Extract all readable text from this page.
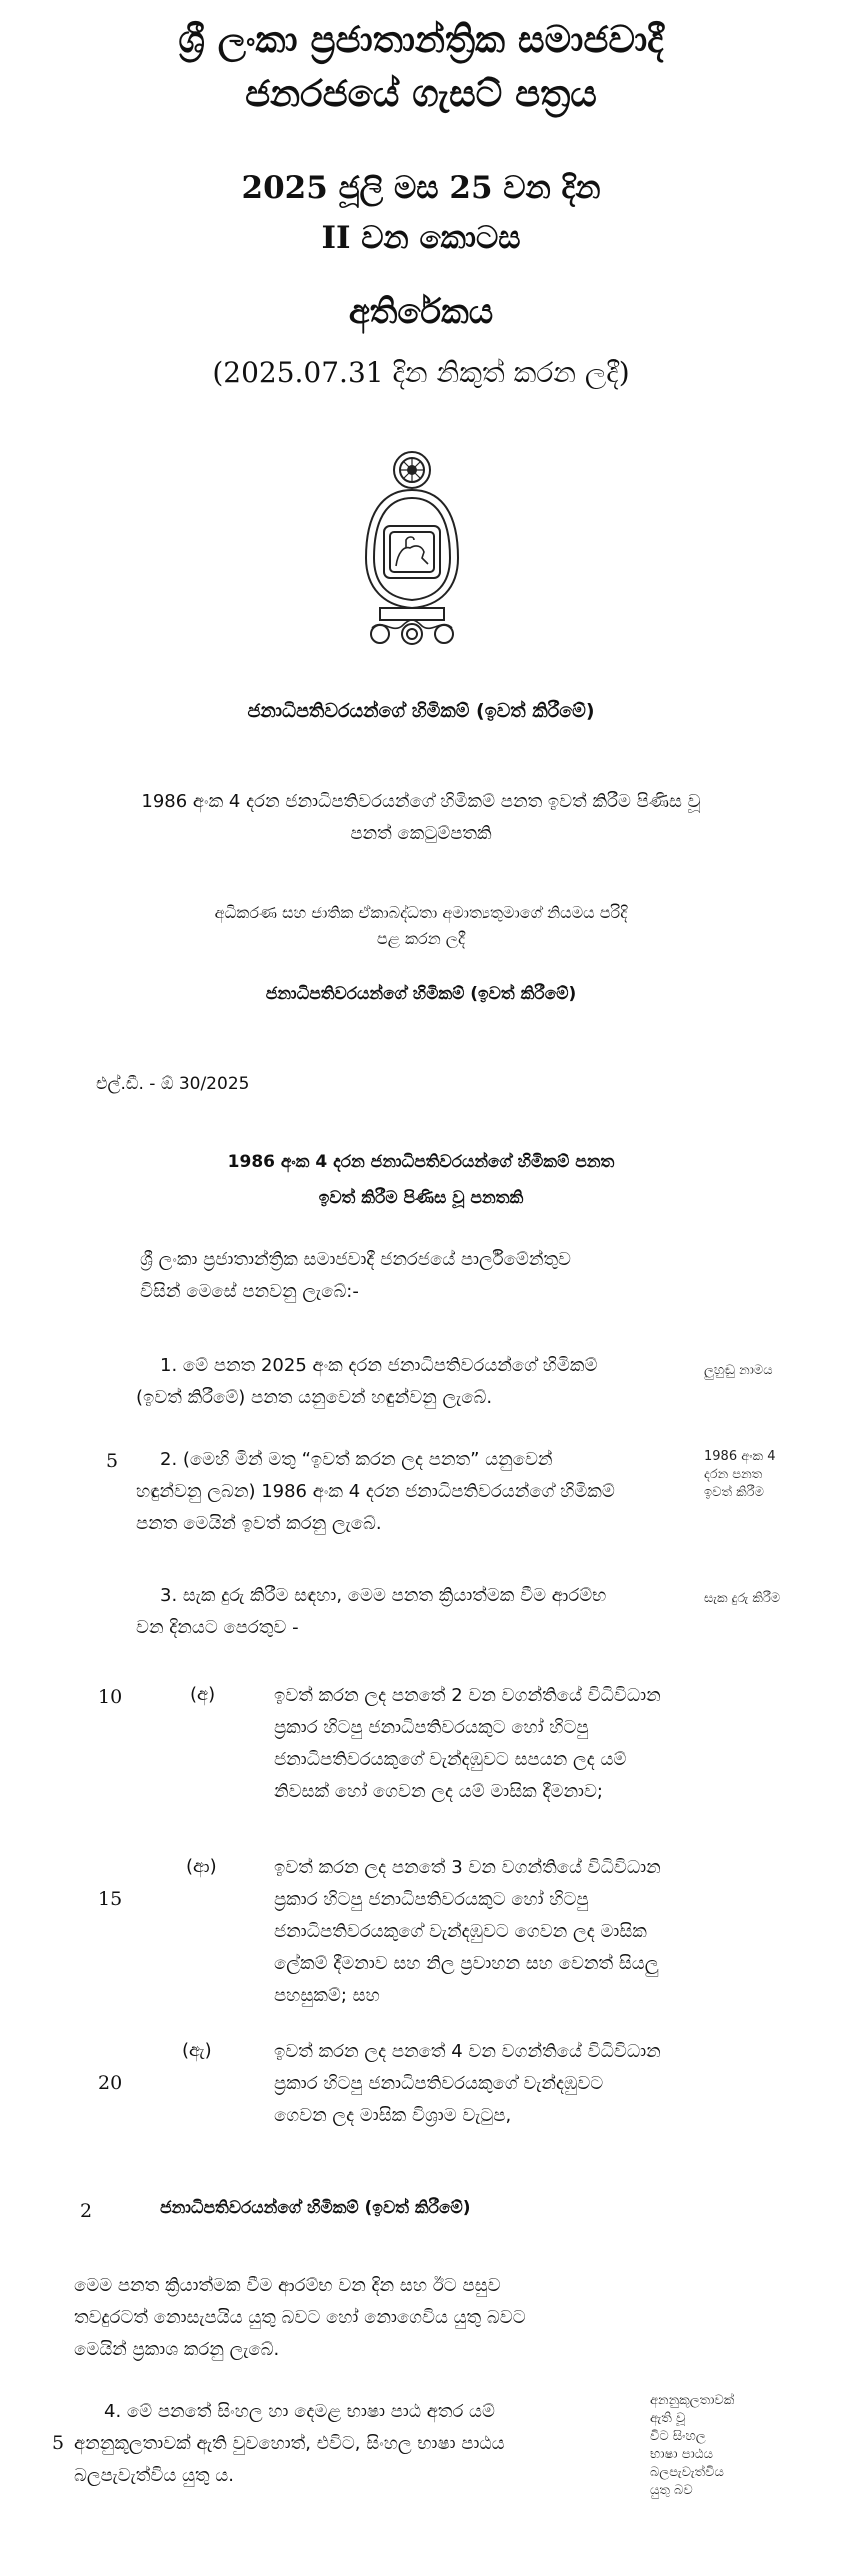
ශ්‍රී ලංකා ප්‍රජාතාන්ත්‍රික සමාජවාදී
ජනරජයේ ගැසට් පත්‍රය
2025 ජූලි මස 25 වන දින
II වන කොටස
අතිරේකය
(2025.07.31 දින නිකුත් කරන ලදී)
ජනාධිපතිවරයන්ගේ හිමිකම් (ඉවත් කිරීමේ)
1986 අංක 4 දරන ජනාධිපතිවරයන්ගේ හිමිකම් පනත ඉවත් කිරීම පිණිස වූ
පනත් කෙටුම්පතකි
අධිකරණ සහ ජාතික ඒකාබද්ධතා අමාත්‍යතුමාගේ නියමය පරිදි
පළ කරන ලදී
ජනාධිපතිවරයන්ගේ හිමිකම් (ඉවත් කිරීමේ)
එල්.ඩී. - ඕ 30/2025
1986 අංක 4 දරන ජනාධිපතිවරයන්ගේ හිමිකම් පනත
ඉවත් කිරීම පිණිස වූ පනතකි
ශ්‍රී ලංකා ප්‍රජාතාන්ත්‍රික සමාජවාදී ජනරජයේ පාර්ලිමේන්තුව
විසින් මෙසේ පනවනු ලැබේ:-
1. මේ පනත 2025 අංක දරන ජනාධිපතිවරයන්ගේ හිමිකම්
(ඉවත් කිරීමේ) පනත යනුවෙන් හඳුන්වනු ලැබේ.
ලුහුඬු නාමය
5	2. (මෙහි මින් මතු “ඉවත් කරන ලද පනත” යනුවෙන්
හඳුන්වනු ලබන) 1986 අංක 4 දරන ජනාධිපතිවරයන්ගේ හිමිකම්
පනත මෙයින් ඉවත් කරනු ලැබේ.
1986 අංක 4
දරන පනත
ඉවත් කිරීම
3. සැක දුරු කිරීම සඳහා, මෙම පනත ක්‍රියාත්මක වීම ආරම්භ
වන දිනයට පෙරතුව -
සැක දුරු කිරීම
10	(අ)	ඉවත් කරන ලද පනතේ 2 වන වගන්තියේ විධිවිධාන
ප්‍රකාර හිටපු ජනාධිපතිවරයකුට හෝ හිටපු
ජනාධිපතිවරයකුගේ වැන්දඹුවට සපයන ලද යම්
නිවසක් හෝ ගෙවන ලද යම් මාසික දීමනාව;
15
(ආ)	ඉවත් කරන ලද පනතේ 3 වන වගන්තියේ විධිවිධාන
ප්‍රකාර හිටපු ජනාධිපතිවරයකුට හෝ හිටපු
ජනාධිපතිවරයකුගේ වැන්දඹුවට ගෙවන ලද මාසික
ලේකම් දීමනාව සහ නිල ප්‍රවාහන සහ වෙනත් සියලු
පහසුකම්; සහ
20
(ඇ)	ඉවත් කරන ලද පනතේ 4 වන වගන්තියේ විධිවිධාන
ප්‍රකාර හිටපු ජනාධිපතිවරයකුගේ වැන්දඹුවට
ගෙවන ලද මාසික විශ්‍රාම වැටුප,
2	ජනාධිපතිවරයන්ගේ හිමිකම් (ඉවත් කිරීමේ)
මෙම පනත ක්‍රියාත්මක වීම ආරම්භ වන දින සහ ඊට පසුව
තවදුරටත් නොසැපයිය යුතු බවට හෝ නොගෙවිය යුතු බවට
මෙයින් ප්‍රකාශ කරනු ලැබේ.
5
4. මේ පනතේ සිංහල හා දෙමළ භාෂා පාඨ අතර යම්
අනනුකූලතාවක් ඇති වුවහොත්, එවිට, සිංහල භාෂා පාඨය
බලපැවැත්විය යුතු ය.
අනනුකූලතාවක්
ඇති වූ
විට සිංහල
භාෂා පාඨය
බලපැවැත්විය
යුතු බව
